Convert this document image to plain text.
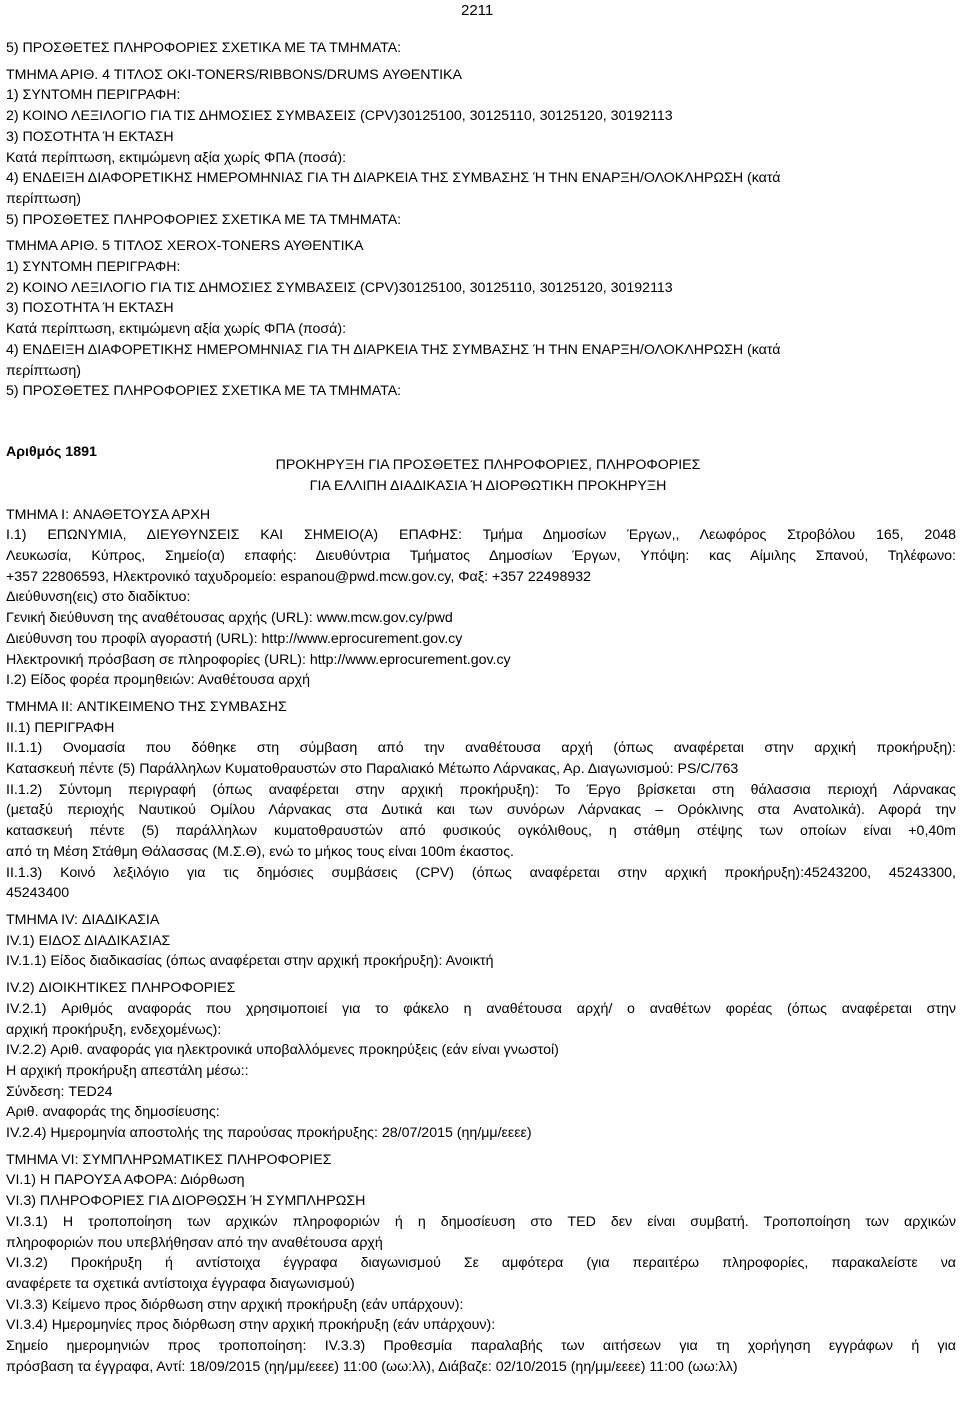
2211
5) ΠΡΟΣΘΕΤΕΣ ΠΛΗΡΟΦΟΡΙΕΣ ΣΧΕΤΙΚΑ ΜΕ ΤΑ ΤΜΗΜΑΤΑ:
ΤΜΗΜΑ ΑΡΙΘ. 4 ΤΙΤΛΟΣ OKI-TONERS/RIBBONS/DRUMS ΑΥΘΕΝΤΙΚΑ
1) ΣΥΝΤΟΜΗ ΠΕΡΙΓΡΑΦΗ:
2) ΚΟΙΝΟ ΛΕΞΙΛΟΓΙΟ ΓΙΑ ΤΙΣ ΔΗΜΟΣΙΕΣ ΣΥΜΒΑΣΕΙΣ (CPV)30125100, 30125110, 30125120, 30192113
3) ΠΟΣΟΤΗΤΑ Ή ΕΚΤΑΣΗ
Κατά περίπτωση, εκτιμώμενη αξία χωρίς ΦΠΑ (ποσά):
4) ΕΝΔΕΙΞΗ ΔΙΑΦΟΡΕΤΙΚΗΣ ΗΜΕΡΟΜΗΝΙΑΣ ΓΙΑ ΤΗ ΔΙΑΡΚΕΙΑ ΤΗΣ ΣΥΜΒΑΣΗΣ Ή ΤΗΝ ΕΝΑΡΞΗ/ΟΛΟΚΛΗΡΩΣΗ (κατά
περίπτωση)
5) ΠΡΟΣΘΕΤΕΣ ΠΛΗΡΟΦΟΡΙΕΣ ΣΧΕΤΙΚΑ ΜΕ ΤΑ ΤΜΗΜΑΤΑ:
ΤΜΗΜΑ ΑΡΙΘ. 5 ΤΙΤΛΟΣ XEROX-TONERS ΑΥΘΕΝΤΙΚΑ
1) ΣΥΝΤΟΜΗ ΠΕΡΙΓΡΑΦΗ:
2) ΚΟΙΝΟ ΛΕΞΙΛΟΓΙΟ ΓΙΑ ΤΙΣ ΔΗΜΟΣΙΕΣ ΣΥΜΒΑΣΕΙΣ (CPV)30125100, 30125110, 30125120, 30192113
3) ΠΟΣΟΤΗΤΑ Ή ΕΚΤΑΣΗ
Κατά περίπτωση, εκτιμώμενη αξία χωρίς ΦΠΑ (ποσά):
4) ΕΝΔΕΙΞΗ ΔΙΑΦΟΡΕΤΙΚΗΣ ΗΜΕΡΟΜΗΝΙΑΣ ΓΙΑ ΤΗ ΔΙΑΡΚΕΙΑ ΤΗΣ ΣΥΜΒΑΣΗΣ Ή ΤΗΝ ΕΝΑΡΞΗ/ΟΛΟΚΛΗΡΩΣΗ (κατά
περίπτωση)
5) ΠΡΟΣΘΕΤΕΣ ΠΛΗΡΟΦΟΡΙΕΣ ΣΧΕΤΙΚΑ ΜΕ ΤΑ ΤΜΗΜΑΤΑ:
Αριθμός 1891
ΠΡΟΚΗΡΥΞΗ ΓΙΑ ΠΡΟΣΘΕΤΕΣ ΠΛΗΡΟΦΟΡΙΕΣ, ΠΛΗΡΟΦΟΡΙΕΣ
ΓΙΑ ΕΛΛΙΠΗ ΔΙΑΔΙΚΑΣΙΑ Ή ΔΙΟΡΘΩΤΙΚΗ ΠΡΟΚΗΡΥΞΗ
ΤΜΗΜΑ I: ΑΝΑΘΕΤΟΥΣΑ ΑΡΧΗ
I.1) ΕΠΩΝΥΜΙΑ, ΔΙΕΥΘΥΝΣΕΙΣ ΚΑΙ ΣΗΜΕΙΟ(Α) ΕΠΑΦΗΣ: Τμήμα Δημοσίων Έργων,, Λεωφόρος Στροβόλου 165, 2048
Λευκωσία, Κύπρος, Σημείο(α) επαφής: Διευθύντρια Τμήματος Δημοσίων Έργων, Υπόψη: κας Αίμιλης Σπανού, Τηλέφωνο:
+357 22806593, Ηλεκτρονικό ταχυδρομείο: espanou@pwd.mcw.gov.cy, Φαξ: +357 22498932
Διεύθυνση(εις) στο διαδίκτυο:
Γενική διεύθυνση της αναθέτουσας αρχής (URL): www.mcw.gov.cy/pwd
Διεύθυνση του προφίλ αγοραστή (URL): http://www.eprocurement.gov.cy
Ηλεκτρονική πρόσβαση σε πληροφορίες (URL): http://www.eprocurement.gov.cy
I.2) Είδος φορέα προμηθειών: Αναθέτουσα αρχή
ΤΜΗΜΑ II: ΑΝΤΙΚΕΙΜΕΝΟ ΤΗΣ ΣΥΜΒΑΣΗΣ
II.1) ΠΕΡΙΓΡΑΦΗ
II.1.1) Ονομασία που δόθηκε στη σύμβαση από την αναθέτουσα αρχή (όπως αναφέρεται στην αρχική προκήρυξη):
Κατασκευή πέντε (5) Παράλληλων Κυματοθραυστών στο Παραλιακό Μέτωπο Λάρνακας, Αρ. Διαγωνισμού: PS/C/763
II.1.2) Σύντομη περιγραφή (όπως αναφέρεται στην αρχική προκήρυξη): Το Έργο βρίσκεται στη θάλασσια περιοχή Λάρνακας
(μεταξύ περιοχής Ναυτικού Ομίλου Λάρνακας στα Δυτικά και των συνόρων Λάρνακας – Ορόκλινης στα Ανατολικά). Αφορά την
κατασκευή πέντε (5) παράλληλων κυματοθραυστών από φυσικούς ογκόλιθους, η στάθμη στέψης των οποίων είναι +0,40m
από τη Μέση Στάθμη Θάλασσας (Μ.Σ.Θ), ενώ το μήκος τους είναι 100m έκαστος.
II.1.3) Κοινό λεξιλόγιο για τις δημόσιες συμβάσεις (CPV) (όπως αναφέρεται στην αρχική προκήρυξη):45243200, 45243300,
45243400
ΤΜΗΜΑ IV: ΔΙΑΔΙΚΑΣΙΑ
IV.1) ΕΙΔΟΣ ΔΙΑΔΙΚΑΣΙΑΣ
IV.1.1) Είδος διαδικασίας (όπως αναφέρεται στην αρχική προκήρυξη): Ανοικτή
IV.2) ΔΙΟΙΚΗΤΙΚΕΣ ΠΛΗΡΟΦΟΡΙΕΣ
IV.2.1) Αριθμός αναφοράς που χρησιμοποιεί για το φάκελο η αναθέτουσα αρχή/ ο αναθέτων φορέας (όπως αναφέρεται στην
αρχική προκήρυξη, ενδεχομένως):
IV.2.2) Αριθ. αναφοράς για ηλεκτρονικά υποβαλλόμενες προκηρύξεις (εάν είναι γνωστοί)
Η αρχική προκήρυξη απεστάλη μέσω::
Σύνδεση: TED24
Αριθ. αναφοράς της δημοσίευσης:
IV.2.4) Ημερομηνία αποστολής της παρούσας προκήρυξης: 28/07/2015 (ηη/μμ/εεεε)
ΤΜΗΜΑ VI: ΣΥΜΠΛΗΡΩΜΑΤΙΚΕΣ ΠΛΗΡΟΦΟΡΙΕΣ
VI.1) Η ΠΑΡΟΥΣΑ ΑΦΟΡΑ: Διόρθωση
VI.3) ΠΛΗΡΟΦΟΡΙΕΣ ΓΙΑ ΔΙΟΡΘΩΣΗ Ή ΣΥΜΠΛΗΡΩΣΗ
VI.3.1) Η τροποποίηση των αρχικών πληροφοριών ή η δημοσίευση στο TED δεν είναι συμβατή. Τροποποίηση των αρχικών
πληροφοριών που υπεβλήθησαν από την αναθέτουσα αρχή
VI.3.2) Προκήρυξη ή αντίστοιχα έγγραφα διαγωνισμού Σε αμφότερα (για περαιτέρω πληροφορίες, παρακαλείστε να
αναφέρετε τα σχετικά αντίστοιχα έγγραφα διαγωνισμού)
VI.3.3) Κείμενο προς διόρθωση στην αρχική προκήρυξη (εάν υπάρχουν):
VI.3.4) Ημερομηνίες προς διόρθωση στην αρχική προκήρυξη (εάν υπάρχουν):
Σημείο ημερομηνιών προς τροποποίηση: IV.3.3) Προθεσμία παραλαβής των αιτήσεων για τη χορήγηση εγγράφων ή για
πρόσβαση τα έγγραφα, Αντί: 18/09/2015 (ηη/μμ/εεεε) 11:00 (ωω:λλ), Διάβαζε: 02/10/2015 (ηη/μμ/εεεε) 11:00 (ωω:λλ)
